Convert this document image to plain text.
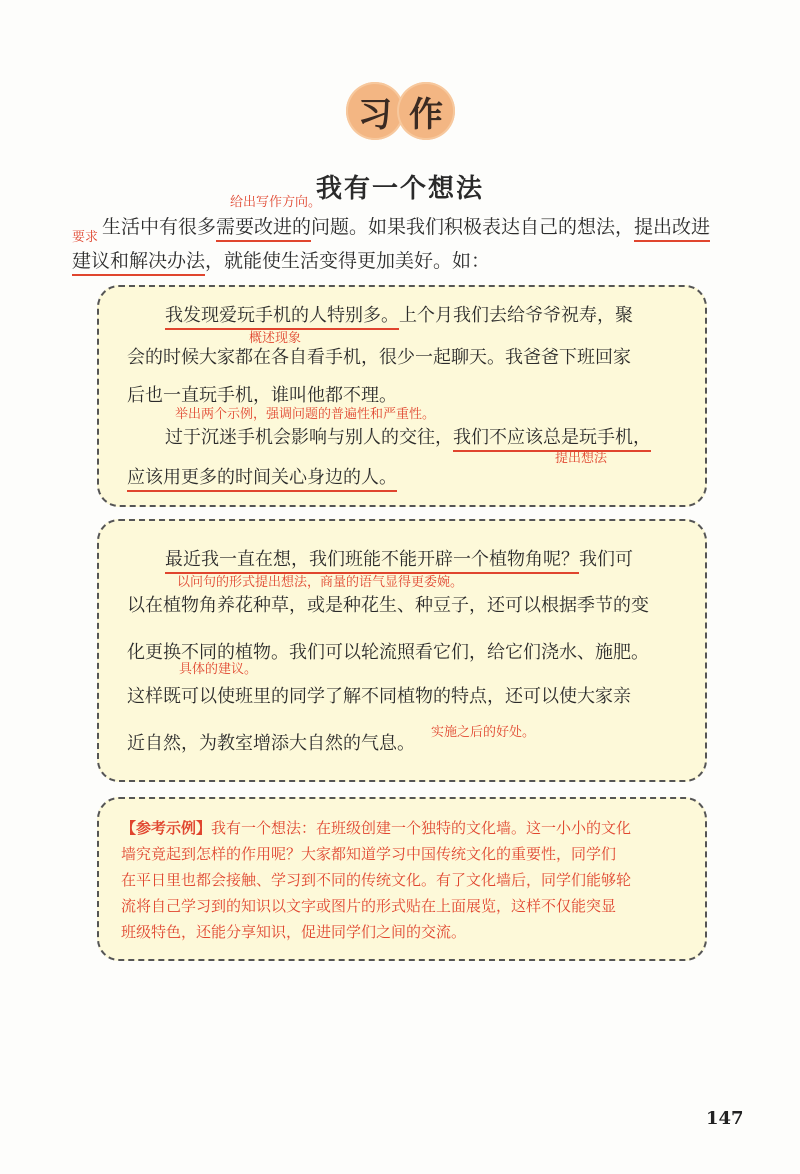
习 作
我有一个想法
给出写作方向。
要求 生活中有很多需要改进的问题。如果我们积极表达自己的想法，提出改进
建议和解决办法，就能使生活变得更加美好。如：
我发现爱玩手机的人特别多。上个月我们去给爷爷祝寿，聚
概述现象
会的时候大家都在各自看手机，很少一起聊天。我爸爸下班回家
后也一直玩手机，谁叫他都不理。
举出两个示例，强调问题的普遍性和严重性。
过于沉迷手机会影响与别人的交往，我们不应该总是玩手机，
提出想法
应该用更多的时间关心身边的人。
最近我一直在想，我们班能不能开辟一个植物角呢？我们可
以问句的形式提出想法，商量的语气显得更委婉。
以在植物角养花种草，或是种花生、种豆子，还可以根据季节的变
化更换不同的植物。我们可以轮流照看它们，给它们浇水、施肥。
具体的建议。
这样既可以使班里的同学了解不同植物的特点，还可以使大家亲
近自然，为教室增添大自然的气息。
实施之后的好处。
【参考示例】我有一个想法：在班级创建一个独特的文化墙。这一小小的文化
墙究竟起到怎样的作用呢？大家都知道学习中国传统文化的重要性，同学们
在平日里也都会接触、学习到不同的传统文化。有了文化墙后，同学们能够轮
流将自己学习到的知识以文字或图片的形式贴在上面展览，这样不仅能突显
班级特色，还能分享知识，促进同学们之间的交流。
147
